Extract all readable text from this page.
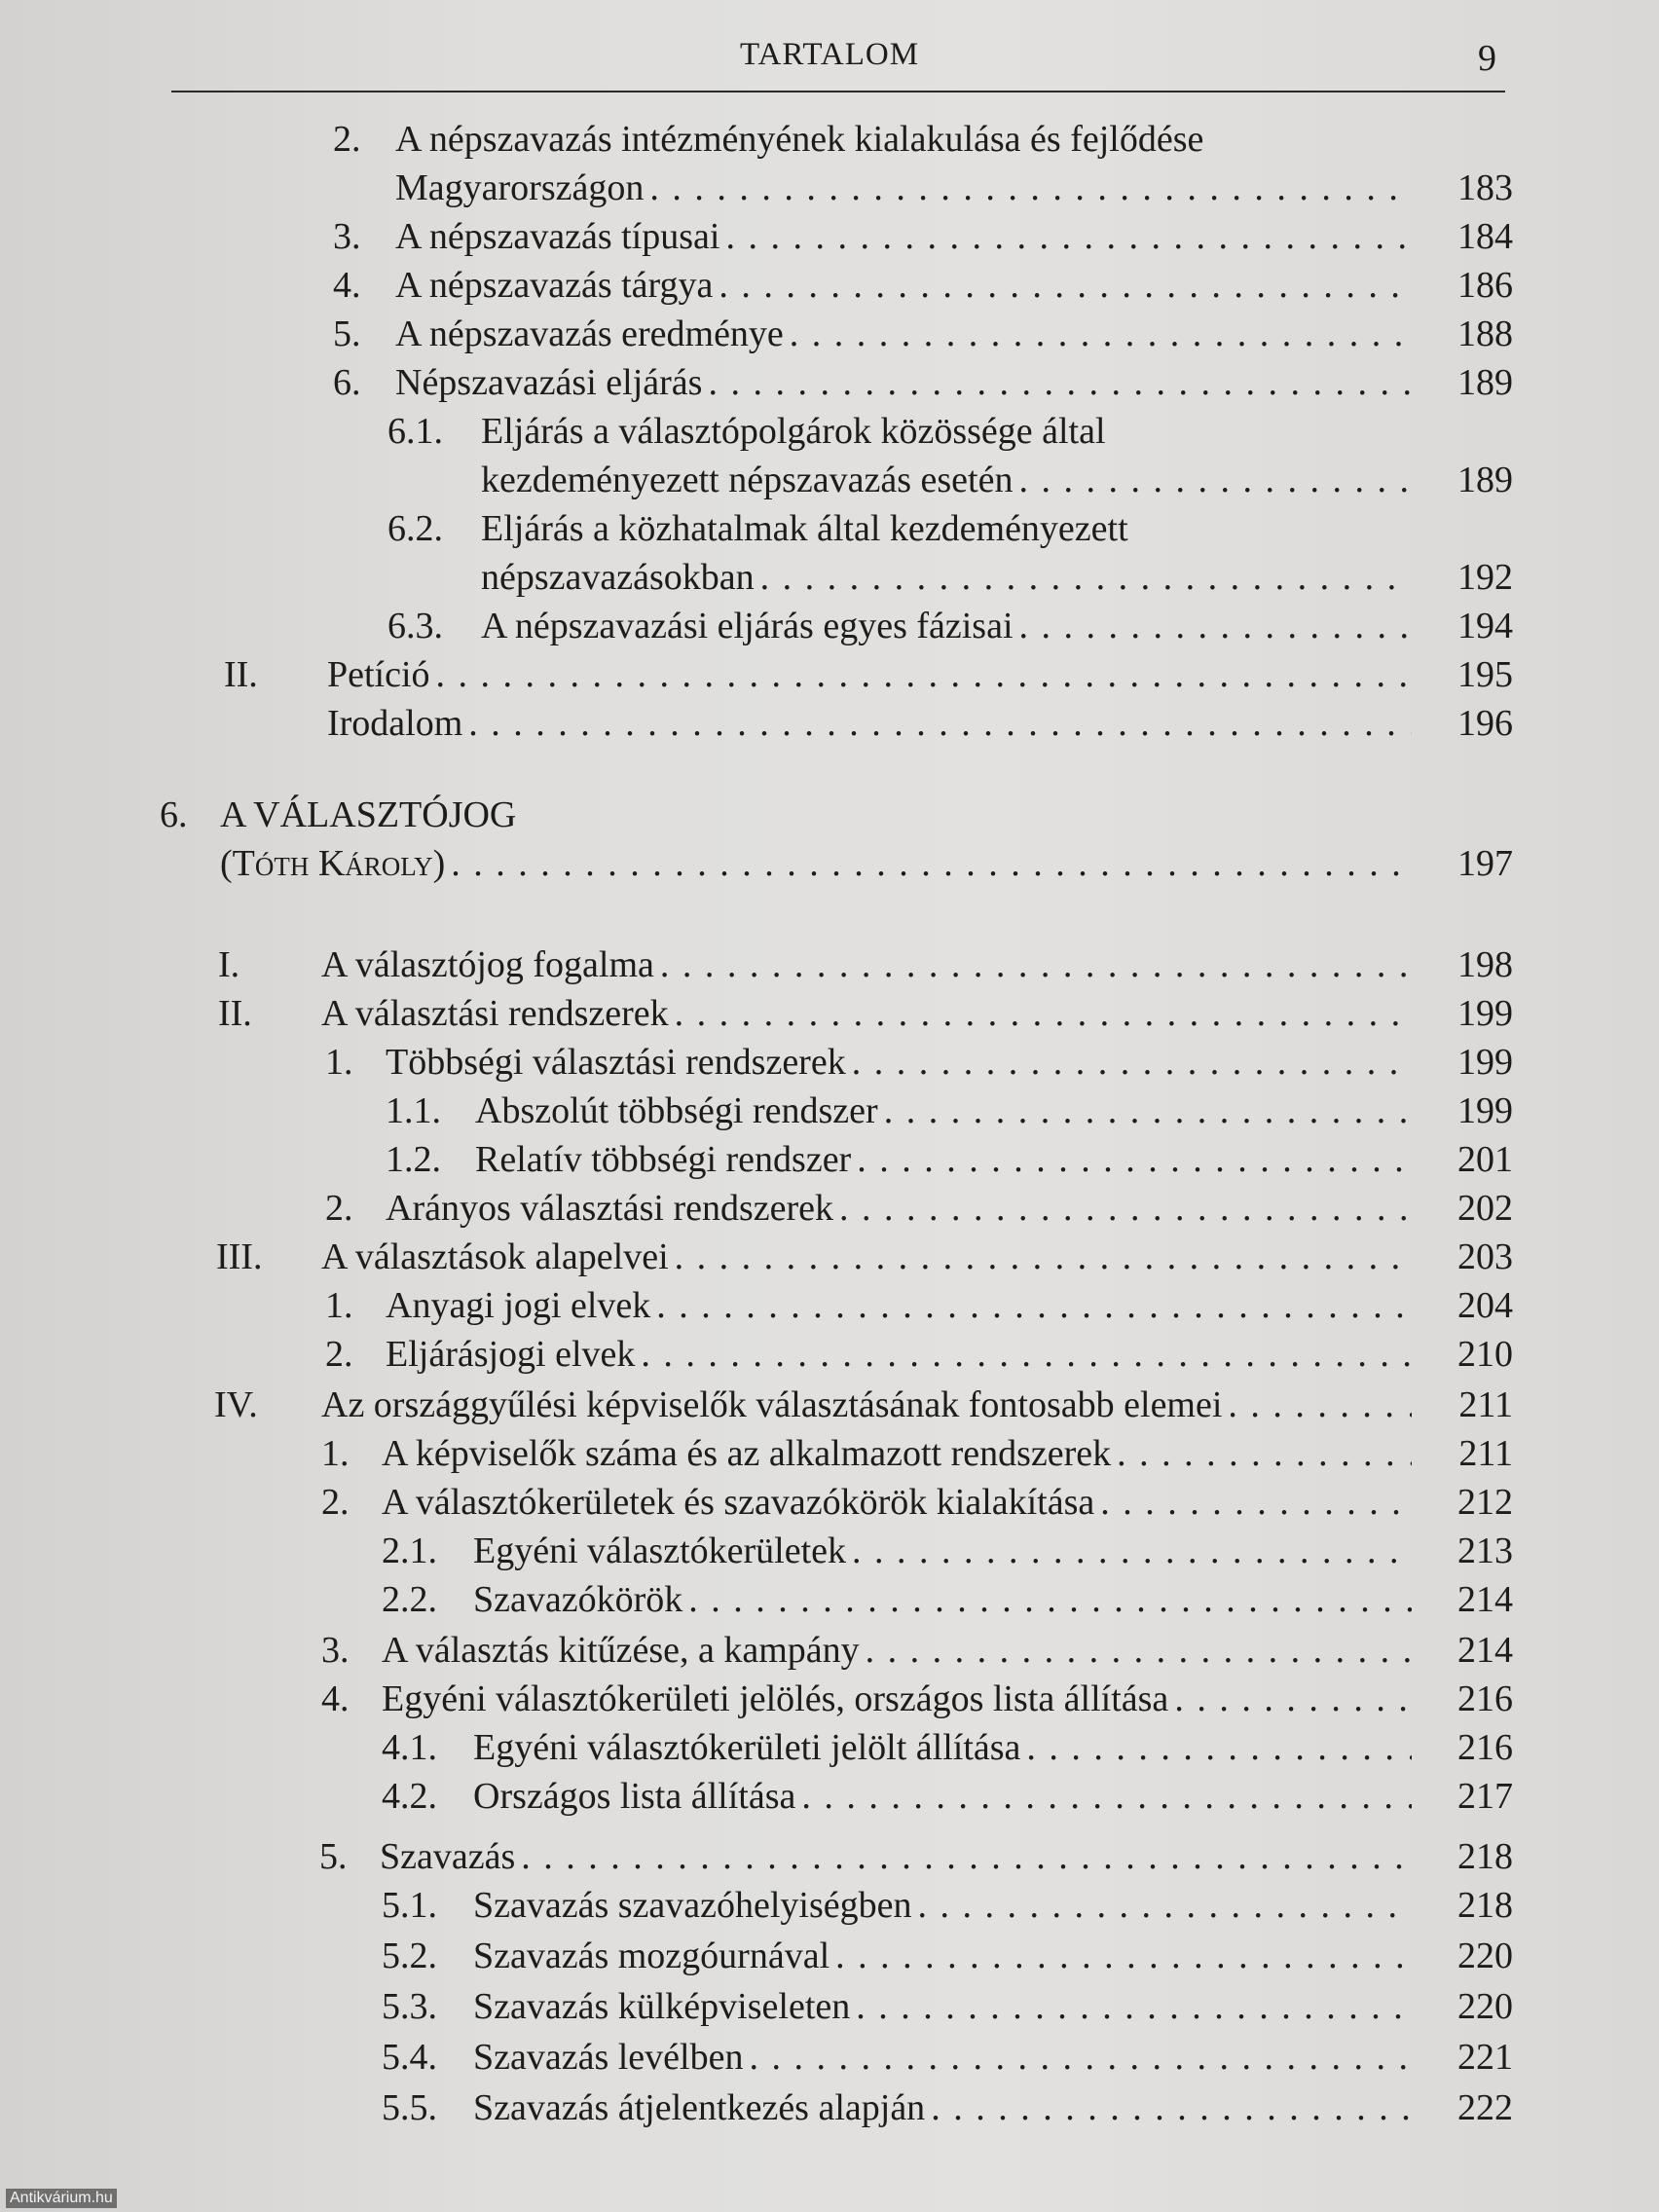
TARTALOM	9
2. A népszavazás intézményének kialakulása és fejlődése
Magyarországon . . .	183
3. A népszavazás típusai . . .	184
4. A népszavazás tárgya . . .	186
5. A népszavazás eredménye . . .	188
6. Népszavazási eljárás . . .	189
6.1. Eljárás a választópolgárok közössége által
kezdeményezett népszavazás esetén . . .	189
6.2. Eljárás a közhatalmak által kezdeményezett
népszavazásokban . . .	192
6.3. A népszavazási eljárás egyes fázisai . . .	194
II. Petíció . . .	195
Irodalom . . .	196
6. A VÁLASZTÓJOG
(Tóth Károly) . . .	197
I. A választójog fogalma . . .	198
II. A választási rendszerek . . .	199
1. Többségi választási rendszerek . . .	199
1.1. Abszolút többségi rendszer . . .	199
1.2. Relatív többségi rendszer . . .	201
2. Arányos választási rendszerek . . .	202
III. A választások alapelvei . . .	203
1. Anyagi jogi elvek . . .	204
2. Eljárásjogi elvek . . .	210
IV. Az országgyűlési képviselők választásának fontosabb elemei . . .	211
1. A képviselők száma és az alkalmazott rendszerek . . .	211
2. A választókerületek és szavazókörök kialakítása . . .	212
2.1. Egyéni választókerületek . . .	213
2.2. Szavazókörök . . .	214
3. A választás kitűzése, a kampány . . .	214
4. Egyéni választókerületi jelölés, országos lista állítása . . .	216
4.1. Egyéni választókerületi jelölt állítása . . .	216
4.2. Országos lista állítása . . .	217
5. Szavazás . . .	218
5.1. Szavazás szavazóhelyiségben . . .	218
5.2. Szavazás mozgóurnával . . .	220
5.3. Szavazás külképviseleten . . .	220
5.4. Szavazás levélben . . .	221
5.5. Szavazás átjelentkezés alapján . . .	222
Antikvárium.hu
